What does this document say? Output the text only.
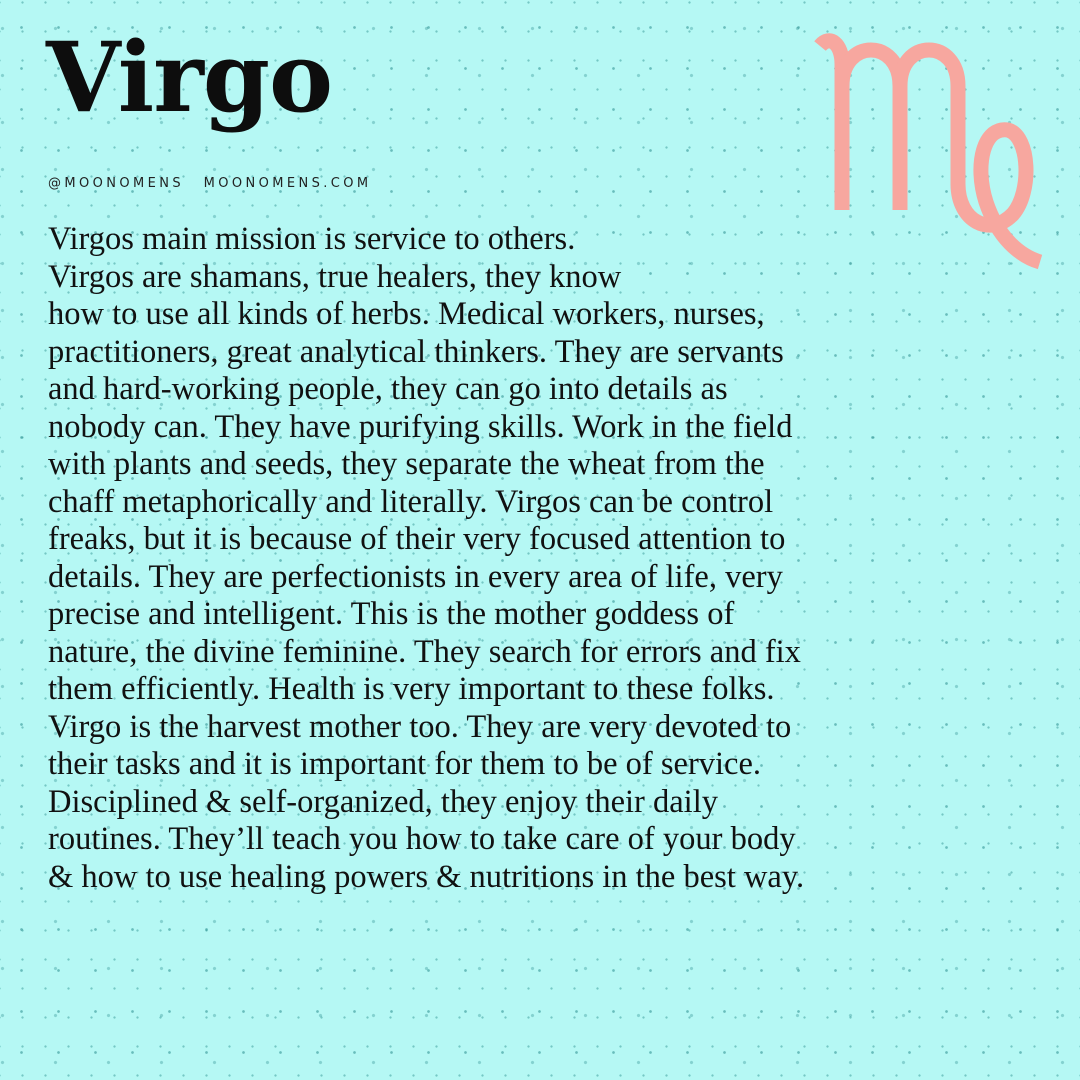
Virgo
@MOONOMENS MOONOMENS.COM
Virgos main mission is service to others.
Virgos are shamans, true healers, they know
how to use all kinds of herbs. Medical workers, nurses,
practitioners, great analytical thinkers. They are servants
and hard-working people, they can go into details as
nobody can. They have purifying skills. Work in the field
with plants and seeds, they separate the wheat from the
chaff metaphorically and literally. Virgos can be control
freaks, but it is because of their very focused attention to
details. They are perfectionists in every area of life, very
precise and intelligent. This is the mother goddess of
nature, the divine feminine. They search for errors and fix
them efficiently. Health is very important to these folks.
Virgo is the harvest mother too. They are very devoted to
their tasks and it is important for them to be of service.
Disciplined & self-organized, they enjoy their daily
routines. They’ll teach you how to take care of your body
& how to use healing powers & nutritions in the best way.
